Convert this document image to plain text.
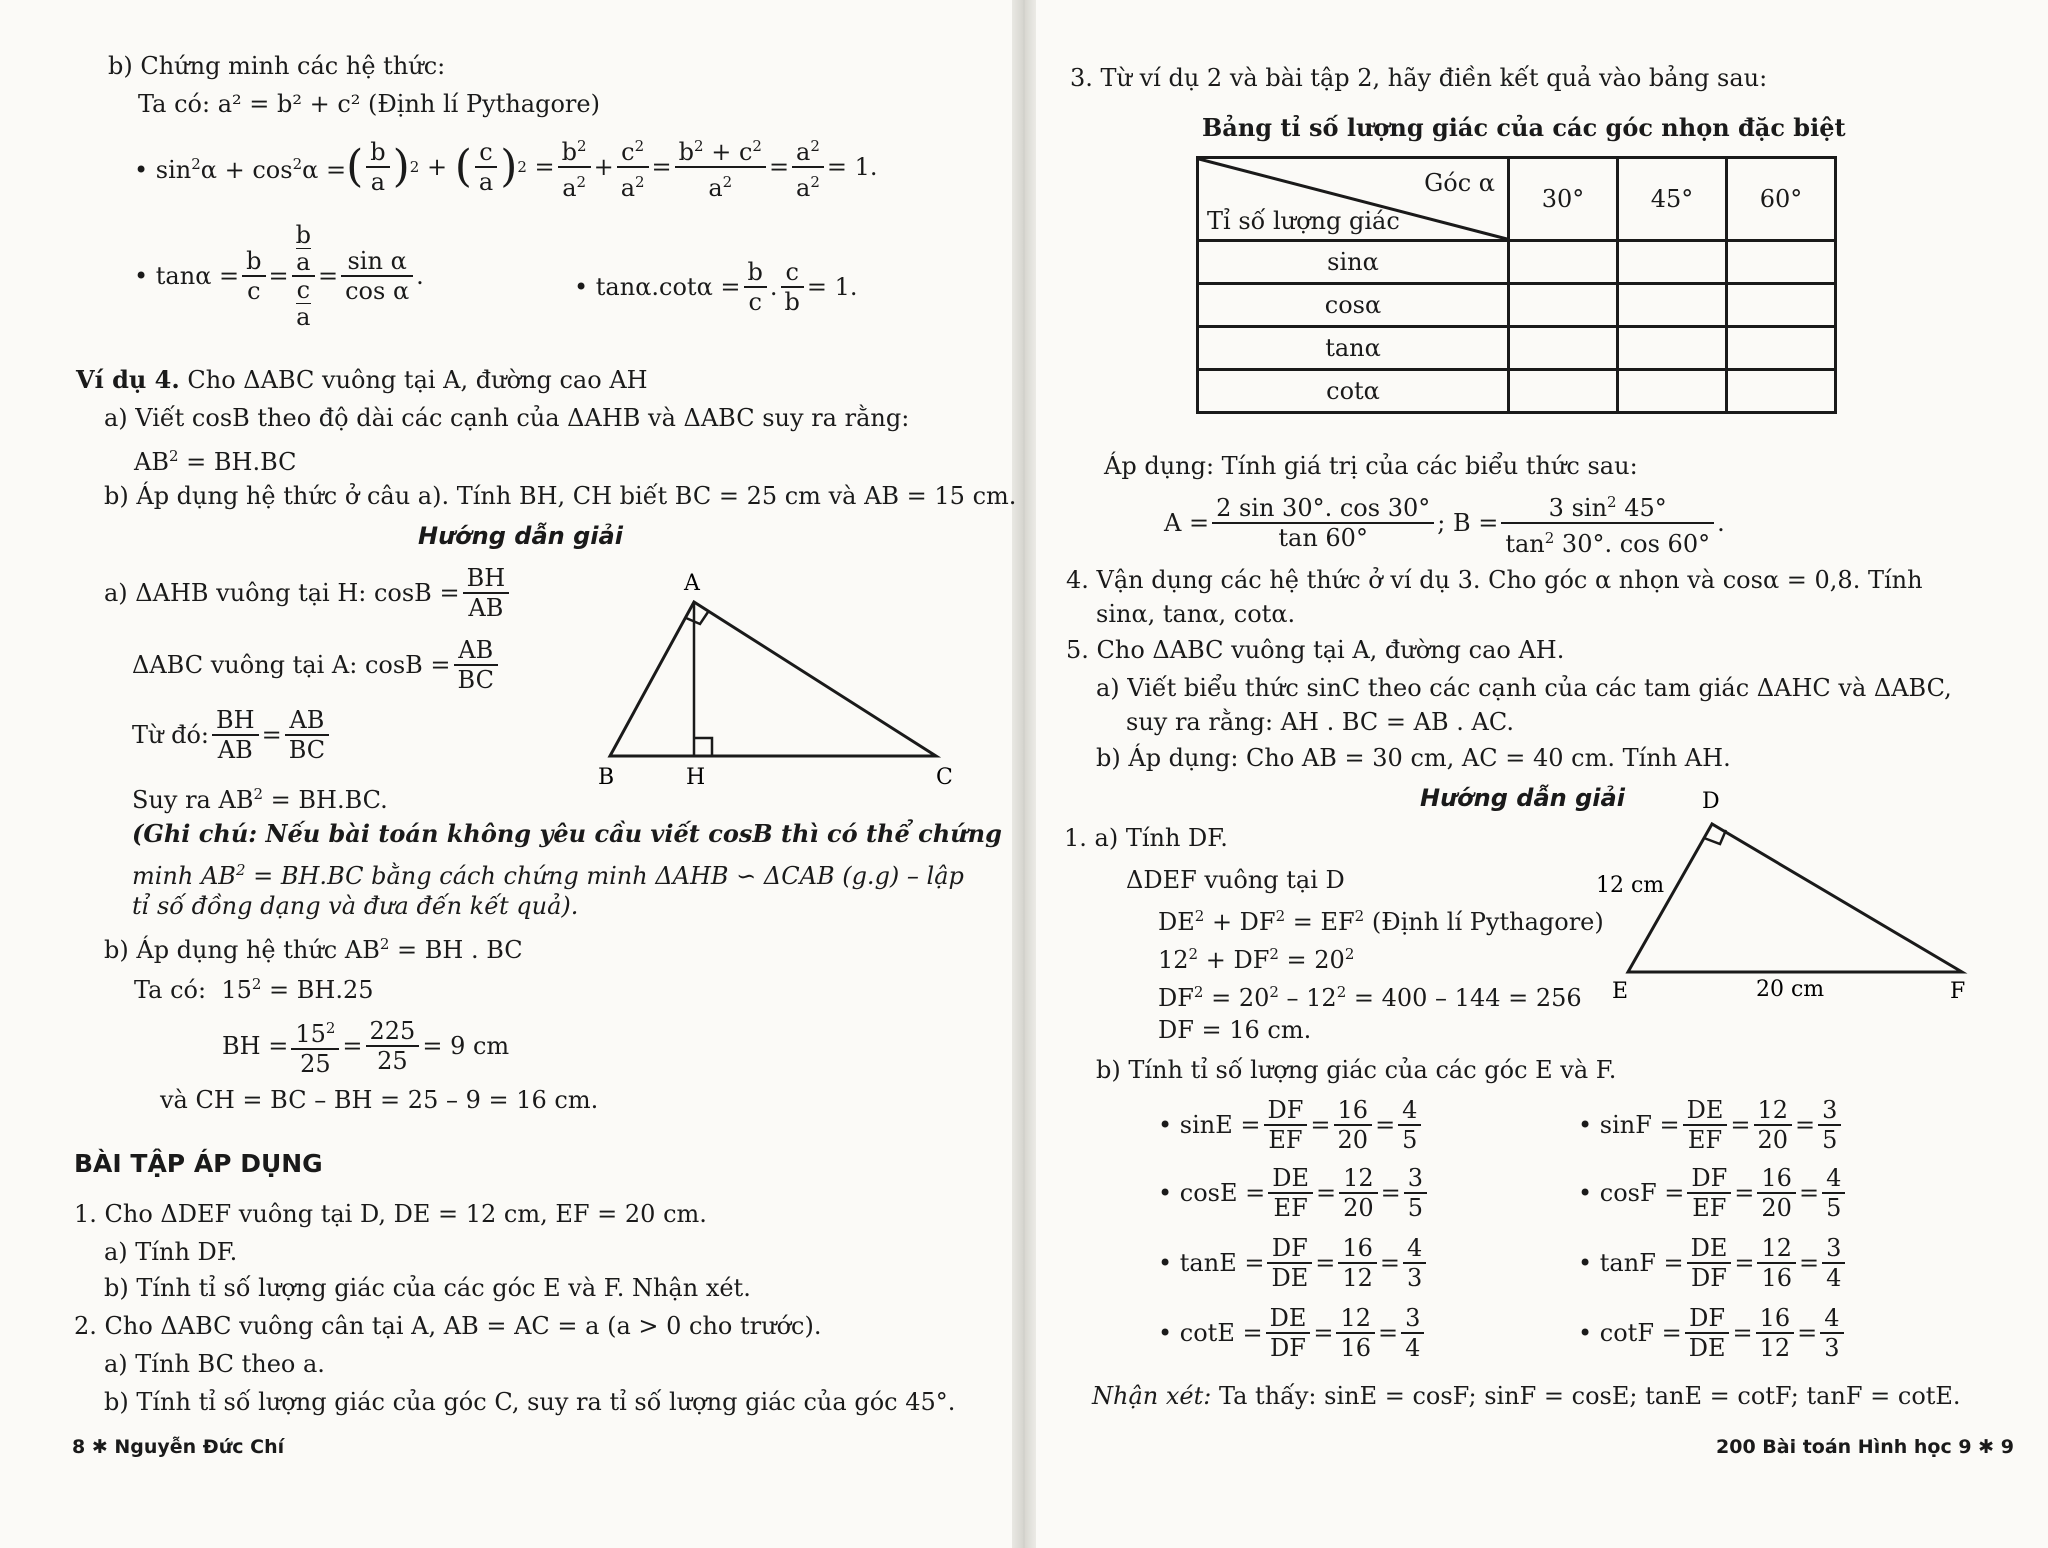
b) Chứng minh các hệ thức:
Ta có: a² = b² + c² (Định lí Pythagore)
• $\sin^2\alpha + \cos^2\alpha$ = ( b
a ) 2 + ( c
a ) $2 = \frac{b^2}{a^2} + \frac{c^2}{a^2} = \frac{b^2 + c^2}{a^2} = \frac{a^2}{a^2} = 1$.
• $\tan\alpha = \frac{b}{c} = b$
a
c
$a = \frac{\text{sin α}}{\text{cos α}}$ .	• $\tan\alpha.\cot\alpha = \frac{b}{c}$ . $\frac{c}{b} = 1$.
Ví dụ 4. Cho ΔABC vuông tại A, đường cao AH
a) Viết cosB theo độ dài các cạnh của ΔAHB và ΔABC suy ra rằng:
$AB^2 = BH.BC$
b) Áp dụng hệ thức ở câu a). Tính BH, CH biết BC = 25 cm và AB = 15 cm.
Hướng dẫn giải
a) ΔAHB vuông tại H: $\cos B = \frac{BH}{AB}$
ΔABC vuông tại A: $\cos B = \frac{AB}{BC}$
Từ đó: $\frac{BH}{AB} = \frac{AB}{BC}$
Suy ra $AB^2 = BH.BC$.
A
B	H	C
(Ghi chú: Nếu bài toán không yêu cầu viết cosB thì có thể chứng
minh $AB^2 = BH.BC$ bằng cách chứng minh ΔAHB ∽ ΔCAB (g.g) – lập
tỉ số đồng dạng và đưa đến kết quả).
b) Áp dụng hệ thức $AB^2$ = BH . BC
Ta có:  $15^2 = BH.25$
BH = $\frac{15^2}{25} = \frac{225}{25} = 9$ cm
và CH = BC – BH = 25 – 9 = 16 cm.
BÀI TẬP ÁP DỤNG
1. Cho ΔDEF vuông tại D, DE = 12 cm, EF = 20 cm.
a) Tính DF.
b) Tính tỉ số lượng giác của các góc E và F. Nhận xét.
2. Cho ΔABC vuông cân tại A, AB = AC = a (a > 0 cho trước).
a) Tính BC theo a.
b) Tính tỉ số lượng giác của góc C, suy ra tỉ số lượng giác của góc 45°.
8 ✱ Nguyễn Đức Chí
3. Từ ví dụ 2 và bài tập 2, hãy điền kết quả vào bảng sau:
Bảng tỉ số lượng giác của các góc nhọn đặc biệt
Góc α
Tỉ số lượng giác	30°	45°	60°
sinα			
cosα			
tanα			
cotα			
Áp dụng: Tính giá trị của các biểu thức sau:
$A = \frac{2 \sin 30^\circ. \cos 30^\circ}{\tan 60^\circ}$ ; $B = \frac{3 \sin^2 45^\circ}{\tan^2 30^\circ. \cos 60^\circ}$ .
4. Vận dụng các hệ thức ở ví dụ 3. Cho góc α nhọn và cosα = 0,8. Tính
sinα, tanα, cotα.
5. Cho ΔABC vuông tại A, đường cao AH.
a) Viết biểu thức sinC theo các cạnh của các tam giác ΔAHC và ΔABC,
suy ra rằng: AH . BC = AB . AC.
b) Áp dụng: Cho AB = 30 cm, AC = 40 cm. Tính AH.
Hướng dẫn giải
1. a) Tính DF.
ΔDEF vuông tại D
$DE^2 + DF^2 = EF^2$ (Định lí Pythagore)
$12^2 + DF^2 = 20^2$
$DF^2 = 20^2 - 12^2 = 400 - 144 = 256$
DF = 16 cm.
D
E	F
12 cm
20 cm
b) Tính tỉ số lượng giác của các góc E và F.
• $\sin E = \frac{DF}{EF} = \frac{16}{20} = \frac{4}{5}$
• $\cos E = \frac{DE}{EF} = \frac{12}{20} = \frac{3}{5}$
• $\tan E = \frac{DF}{DE} = \frac{16}{12} = \frac{4}{3}$
• $\cot E = \frac{DE}{DF} = \frac{12}{16} = \frac{3}{4}$
• $\sin F = \frac{DE}{EF} = \frac{12}{20} = \frac{3}{5}$
• $\cos F = \frac{DF}{EF} = \frac{16}{20} = \frac{4}{5}$
• $\tan F = \frac{DE}{DF} = \frac{12}{16} = \frac{3}{4}$
• $\cot F = \frac{DF}{DE} = \frac{16}{12} = \frac{4}{3}$
Nhận xét: Ta thấy: sinE = cosF; sinF = cosE; tanE = cotF; tanF = cotE.
200 Bài toán Hình học 9 ✱ 9
